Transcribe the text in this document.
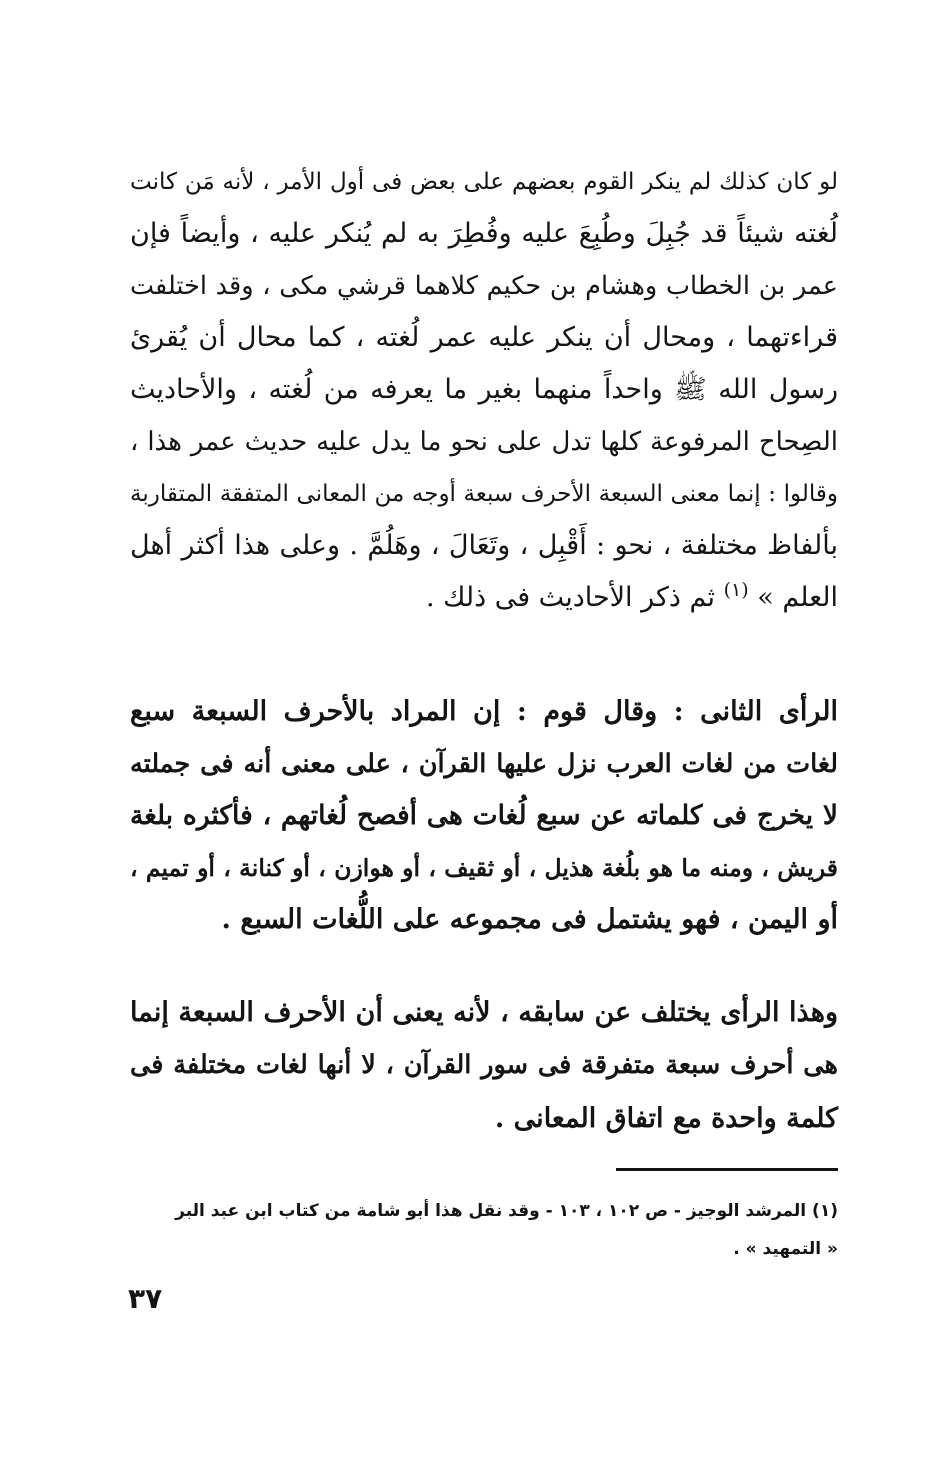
لو كان كذلك لم ينكر القوم بعضهم على بعض فى أول الأمر ، لأنه مَن كانت
لُغته شيئاً قد جُبِلَ وطُبِعَ عليه وفُطِرَ به لم يُنكر عليه ، وأيضاً فإن
عمر بن الخطاب وهشام بن حكيم كلاهما قرشي مكى ، وقد اختلفت
قراءتهما ، ومحال أن ينكر عليه عمر لُغته ، كما محال أن يُقرئ
رسول الله ﷺ واحداً منهما بغير ما يعرفه من لُغته ، والأحاديث
الصِحاح المرفوعة كلها تدل على نحو ما يدل عليه حديث عمر هذا ،
وقالوا : إنما معنى السبعة الأحرف سبعة أوجه من المعانى المتفقة المتقاربة
بألفاظ مختلفة ، نحو : أَقْبِل ، وتَعَالَ ، وهَلُمَّ . وعلى هذا أكثر أهل
العلم » $^{(١)}$ ثم ذكر الأحاديث فى ذلك .
الرأى الثانى : وقال قوم : إن المراد بالأحرف السبعة سبع
لغات من لغات العرب نزل عليها القرآن ، على معنى أنه فى جملته
لا يخرج فى كلماته عن سبع لُغات هى أفصح لُغاتهم ، فأكثره بلغة
قريش ، ومنه ما هو بلُغة هذيل ، أو ثقيف ، أو هوازن ، أو كنانة ، أو تميم ،
أو اليمن ، فهو يشتمل فى مجموعه على اللُّغات السبع .
وهذا الرأى يختلف عن سابقه ، لأنه يعنى أن الأحرف السبعة إنما
هى أحرف سبعة متفرقة فى سور القرآن ، لا أنها لغات مختلفة فى
كلمة واحدة مع اتفاق المعانى .
(١) المرشد الوجيز - ص ١٠٢ ، ١٠٣ - وقد نقل هذا أبو شامة من كتاب ابن عبد البر
« التمهيد » .
٣٧
